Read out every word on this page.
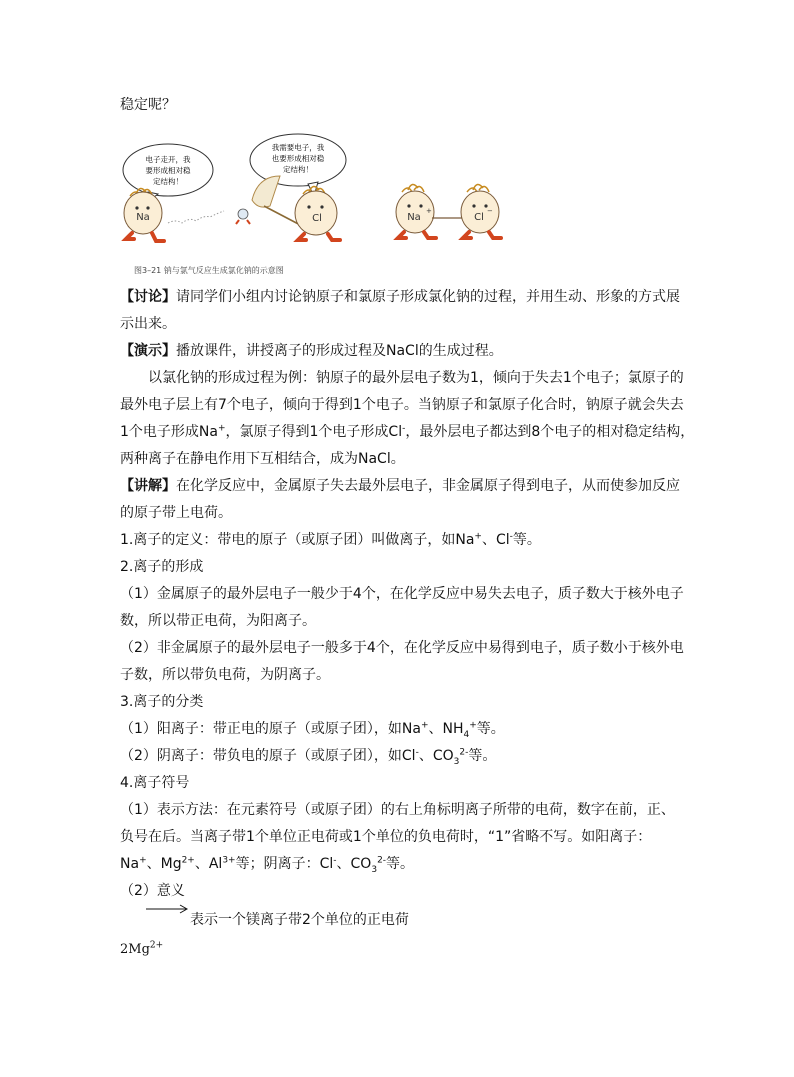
稳定呢？
电子走开，我
要形成相对稳
定结构！
我需要电子，我
也要形成相对稳
定结构！
Na	Cl	Na
+
Cl
−
图3–21 钠与氯气反应生成氯化钠的示意图
【讨论】请同学们小组内讨论钠原子和氯原子形成氯化钠的过程，并用生动、形象的方式展
示出来。
【演示】播放课件，讲授离子的形成过程及NaCl的生成过程。
以氯化钠的形成过程为例：钠原子的最外层电子数为1，倾向于失去1个电子；氯原子的
最外电子层上有7个电子，倾向于得到1个电子。当钠原子和氯原子化合时，钠原子就会失去
1个电子形成Na+，氯原子得到1个电子形成Cl-，最外层电子都达到8个电子的相对稳定结构，
两种离子在静电作用下互相结合，成为NaCl。
【讲解】在化学反应中，金属原子失去最外层电子，非金属原子得到电子，从而使参加反应
的原子带上电荷。
1.离子的定义：带电的原子（或原子团）叫做离子，如Na+、Cl-等。
2.离子的形成
（1）金属原子的最外层电子一般少于4个，在化学反应中易失去电子，质子数大于核外电子
数，所以带正电荷，为阳离子。
（2）非金属原子的最外层电子一般多于4个，在化学反应中易得到电子，质子数小于核外电
子数，所以带负电荷，为阴离子。
3.离子的分类
（1）阳离子：带正电的原子（或原子团），如Na+、$NH_4^+$等。
（2）阴离子：带负电的原子（或原子团），如Cl-、$CO_3^{2-}$等。
4.离子符号
（1）表示方法：在元素符号（或原子团）的右上角标明离子所带的电荷，数字在前，正、
负号在后。当离子带1个单位正电荷或1个单位的负电荷时，“1”省略不写。如阳离子：
Na+、$Mg^{2+}$、$Al^{3+}$等；阴离子：Cl-、$CO_3^{2-}$等。
（2）意义
表示一个镁离子带2个单位的正电荷
$2Mg^{2+}$
